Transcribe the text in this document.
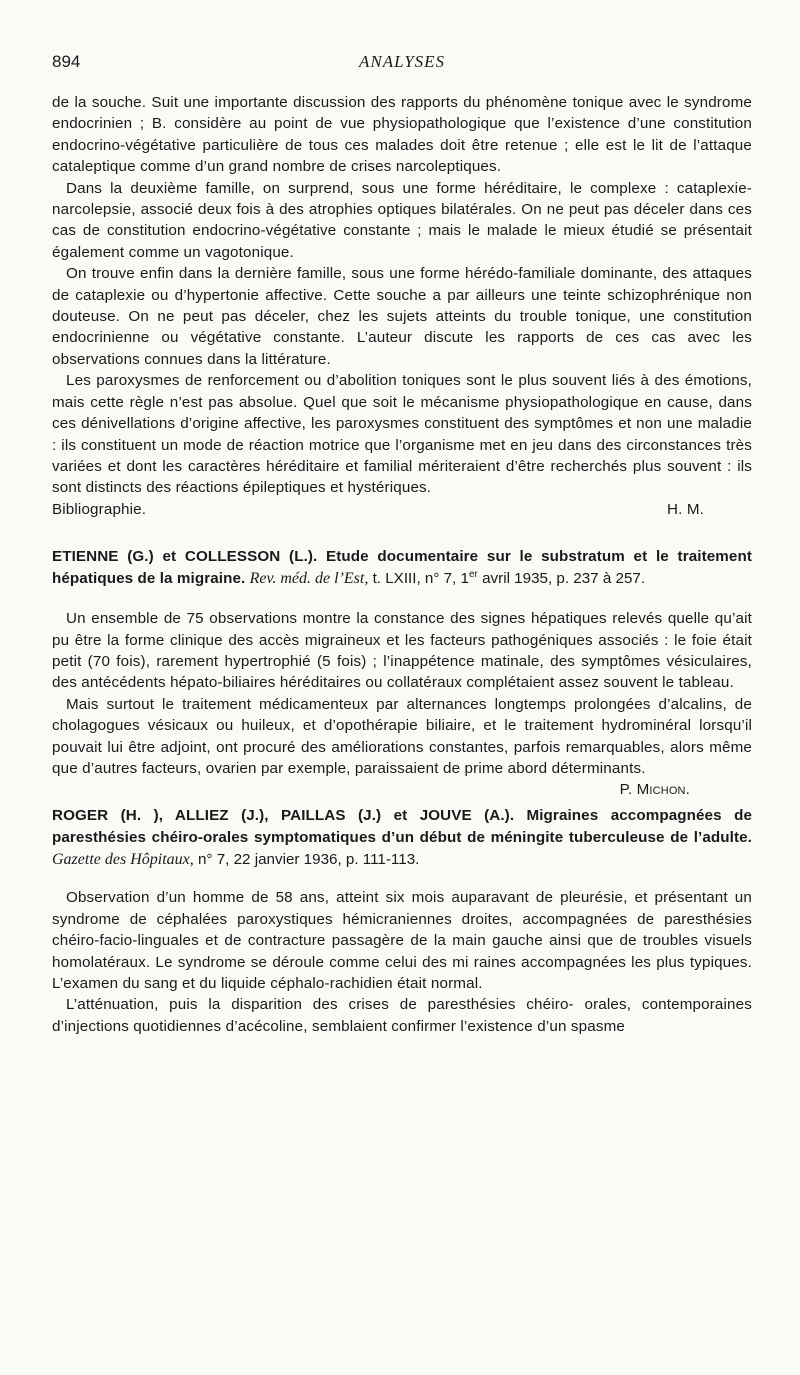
894	ANALYSES

de la souche. Suit une importante discussion des rapports du phénomène tonique avec le syndrome endocrinien ; B. considère au point de vue physiopathologique que l’existence d’une constitution endocrino-végétative particulière de tous ces malades doit être retenue ; elle est le lit de l’attaque cataleptique comme d’un grand nombre de crises narcoleptiques.

Dans la deuxième famille, on surprend, sous une forme héréditaire, le complexe : cataplexie-narcolepsie, associé deux fois à des atrophies optiques bilatérales. On ne peut pas déceler dans ces cas de constitution endocrino-végétative constante ; mais le malade le mieux étudié se présentait également comme un vagotonique.

On trouve enfin dans la dernière famille, sous une forme hérédo-familiale dominante, des attaques de cataplexie ou d’hypertonie affective. Cette souche a par ailleurs une teinte schizophrénique non douteuse. On ne peut pas déceler, chez les sujets atteints du trouble tonique, une constitution endocrinienne ou végétative constante. L’auteur discute les rapports de ces cas avec les observations connues dans la littérature.

Les paroxysmes de renforcement ou d’abolition toniques sont le plus souvent liés à des émotions, mais cette règle n’est pas absolue. Quel que soit le mécanisme physiopathologique en cause, dans ces dénivellations d’origine affective, les paroxysmes constituent des symptômes et non une maladie : ils constituent un mode de réaction motrice que l’organisme met en jeu dans des circonstances très variées et dont les caractères héréditaire et familial mériteraient d’être recherchés plus souvent : ils sont distincts des réactions épileptiques et hystériques.

Bibliographie.	H. M.

ETIENNE (G.) et COLLESSON (L.). Etude documentaire sur le substratum et le traitement hépatiques de la migraine. Rev. méd. de l’Est, t. LXIII, n° 7, 1er avril 1935, p. 237 à 257.

Un ensemble de 75 observations montre la constance des signes hépatiques relevés quelle qu’ait pu être la forme clinique des accès migraineux et les facteurs pathogéniques associés : le foie était petit (70 fois), rarement hypertrophié (5 fois) ; l’inappétence matinale, des symptômes vésiculaires, des antécédents hépato-biliaires héréditaires ou collatéraux complétaient assez souvent le tableau.

Mais surtout le traitement médicamenteux par alternances longtemps prolongées d’alcalins, de cholagogues vésicaux ou huileux, et d’opothérapie biliaire, et le traitement hydrominéral lorsqu’il pouvait lui être adjoint, ont procuré des améliorations constantes, parfois remarquables, alors même que d’autres facteurs, ovarien par exemple, paraissaient de prime abord déterminants.
P. Michon.

ROGER (H. ), ALLIEZ (J.), PAILLAS (J.) et JOUVE (A.). Migraines accompagnées de paresthésies chéiro-orales symptomatiques d’un début de méningite tuberculeuse de l’adulte. Gazette des Hôpitaux, n° 7, 22 janvier 1936, p. 111-113.

Observation d’un homme de 58 ans, atteint six mois auparavant de pleurésie, et présentant un syndrome de céphalées paroxystiques hémicraniennes droites, accompagnées de paresthésies chéiro-facio-linguales et de contracture passagère de la main gauche ainsi que de troubles visuels homolatéraux. Le syndrome se déroule comme celui des mi raines accompagnées les plus typiques. L’examen du sang et du liquide céphalo-rachidien était normal.

L’atténuation, puis la disparition des crises de paresthésies chéiro- orales, contemporaines d’injections quotidiennes d’acécoline, semblaient confirmer l’existence d’un spasme
